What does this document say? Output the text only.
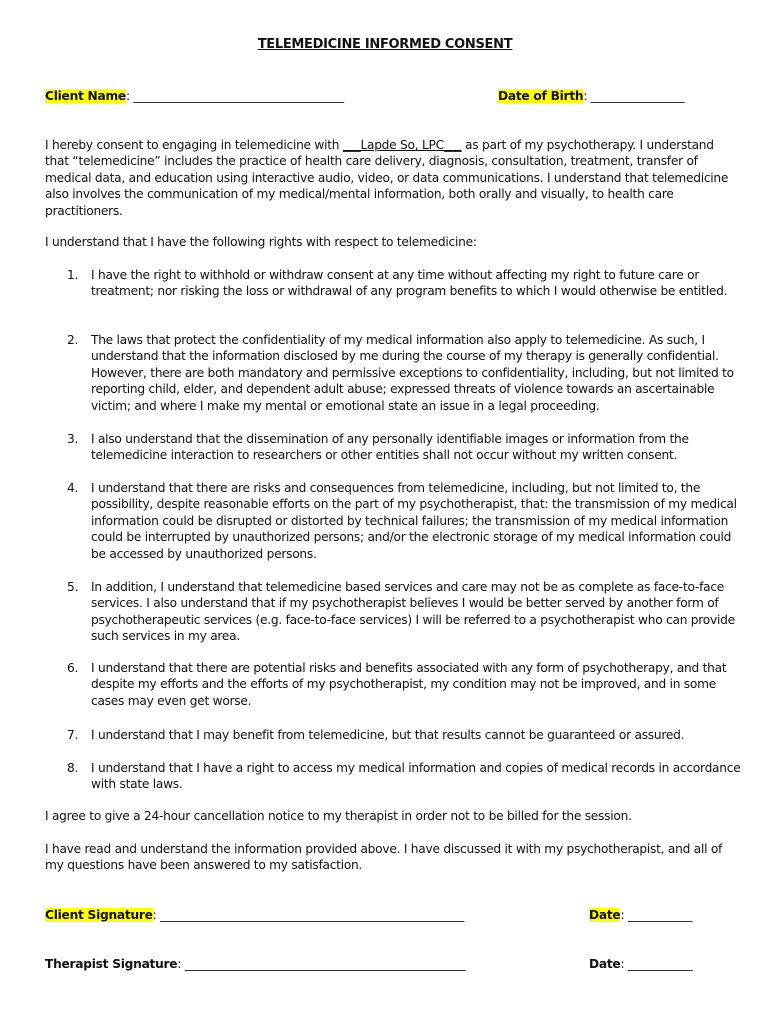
TELEMEDICINE INFORMED CONSENT
Client Name: ____________________________________	Date of Birth: ________________

I hereby consent to engaging in telemedicine with ___Lapde So, LPC___ as part of my psychotherapy. I understand that “telemedicine” includes the practice of health care delivery, diagnosis, consultation, treatment, transfer of medical data, and education using interactive audio, video, or data communications. I understand that telemedicine also involves the communication of my medical/mental information, both orally and visually, to health care practitioners.

I understand that I have the following rights with respect to telemedicine:

1. I have the right to withhold or withdraw consent at any time without affecting my right to future care or treatment; nor risking the loss or withdrawal of any program benefits to which I would otherwise be entitled.
2. The laws that protect the confidentiality of my medical information also apply to telemedicine. As such, I understand that the information disclosed by me during the course of my therapy is generally confidential. However, there are both mandatory and permissive exceptions to confidentiality, including, but not limited to reporting child, elder, and dependent adult abuse; expressed threats of violence towards an ascertainable victim; and where I make my mental or emotional state an issue in a legal proceeding.
3. I also understand that the dissemination of any personally identifiable images or information from the telemedicine interaction to researchers or other entities shall not occur without my written consent.
4. I understand that there are risks and consequences from telemedicine, including, but not limited to, the possibility, despite reasonable efforts on the part of my psychotherapist, that: the transmission of my medical information could be disrupted or distorted by technical failures; the transmission of my medical information could be interrupted by unauthorized persons; and/or the electronic storage of my medical information could be accessed by unauthorized persons.
5. In addition, I understand that telemedicine based services and care may not be as complete as face-to-face services. I also understand that if my psychotherapist believes I would be better served by another form of psychotherapeutic services (e.g. face-to-face services) I will be referred to a psychotherapist who can provide such services in my area.
6. I understand that there are potential risks and benefits associated with any form of psychotherapy, and that despite my efforts and the efforts of my psychotherapist, my condition may not be improved, and in some cases may even get worse.
7. I understand that I may benefit from telemedicine, but that results cannot be guaranteed or assured.
8. I understand that I have a right to access my medical information and copies of medical records in accordance with state laws.

I agree to give a 24-hour cancellation notice to my therapist in order not to be billed for the session.

I have read and understand the information provided above. I have discussed it with my psychotherapist, and all of my questions have been answered to my satisfaction.

Client Signature: ____________________________________________________	Date: ___________
Therapist Signature: ________________________________________________	Date: ___________
